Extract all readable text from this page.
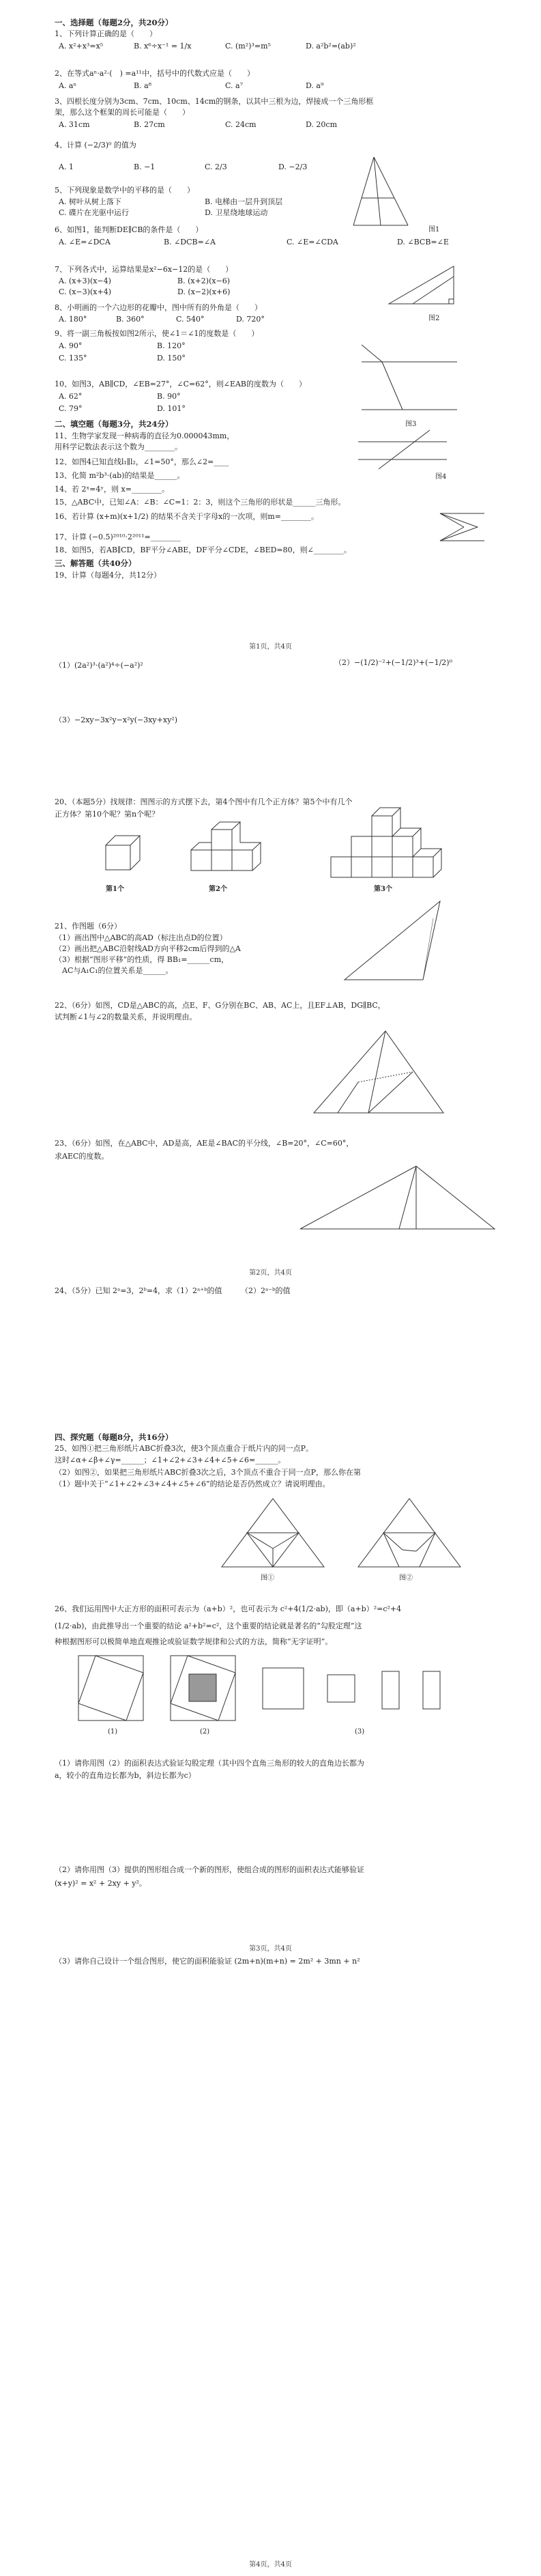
一、选择题（每题2分，共20分）
1、下列计算正确的是（　　）
A. x²+x³=x⁵	B. x⁶÷x⁻¹ = 1/x	C. (m²)³=m⁵	D. a²b²=(ab)²
2、在等式aⁿ·a²·(　) =a¹¹中，括号中的代数式应是（　　）
A. aⁿ	B. a⁸	C. a⁷	D. a⁹
3、四根长度分别为3cm、7cm、10cm、14cm的钢条，以其中三根为边，焊接成一个三角形框
架，那么这个框架的周长可能是（　　）
A. 31cm	B. 27cm	C. 24cm	D. 20cm
4、计算 (−2/3)⁰ 的值为
A. 1	B. −1	C. 2/3	D. −2/3
5、下列现象是数学中的平移的是（　　）
A. 树叶从树上落下	B. 电梯由一层升到顶层
C. 碟片在光驱中运行	D. 卫星绕地球运动
6、如图1，能判断DE∥CB的条件是（　　）	图1
A. ∠E=∠DCA	B. ∠DCB=∠A	C. ∠E=∠CDA	D. ∠BCB=∠E
7、下列各式中，运算结果是x²−6x−12的是（　　）
A. (x+3)(x−4)	B. (x+2)(x−6)
C. (x−3)(x+4)	D. (x−2)(x+6)
图2
8、小明画的一个六边形的花瓣中，图中所有的外角是（　　）
A. 180°	B. 360°	C. 540°	D. 720°
9、将一副三角板按如图2所示，使∠1＝∠1的度数是（　　）
A. 90°	B. 120°
C. 135°	D. 150°
图3
10、如图3，AB∥CD，∠EB=27°，∠C=62°，则∠EAB的度数为（　　）
A. 62°	B. 90°
C. 79°	D. 101°
二、填空题（每题3分，共24分）
11、生物学家发现一种病毒的直径为0.000043mm，
用科学记数法表示这个数为________。
图4
12、如图4已知直线l₁∥l₂，∠1=50°，那么∠2=____
13、化简 m²b³·(ab)的结果是______。
14、若 2ˣ=4ʸ，则 x=________。
15、△ABC中，已知∠A：∠B：∠C=1：2：3，则这个三角形的形状是______三角形。
16、若计算 (x+m)(x+1/2) 的结果不含关于字母x的一次项，则m=________。
17、计算 (−0.5)²⁰¹⁰·2²⁰¹¹=________
18、如图5，若AB∥CD，BF平分∠ABE，DF平分∠CDE，∠BED=80，则∠________。
三、解答题（共40分）
19、计算（每题4分，共12分）
第1页，共4页
（1）(2a²)³·(a²)⁴÷(−a²)²	（2）−(1/2)⁻²+(−1/2)³+(−1/2)⁰
（3）−2xy−3x²y−x²y(−3xy+xy²)
20、（本题5分）找规律：图图示的方式摆下去，第4个图中有几个正方体？第5个中有几个
正方体？第10个呢？第n个呢？
第1个	第2个	第3个
21、作图题（6分）
（1）画出图中△ABC的高AD（标注出点D的位置）
（2）画出把△ABC沿射线AD方向平移2cm后得到的△A
（3）根据“图形平移”的性质，得 BB₁=______cm，
　AC与A₁C₁的位置关系是______。
22、（6分）如图，CD是△ABC的高，点E、F、G分别在BC、AB、AC上，且EF⊥AB，DG∥BC，
试判断∠1与∠2的数量关系，并说明理由。
23、（6分）如图，在△ABC中，AD是高，AE是∠BAC的平分线，∠B=20°，∠C=60°，
求AEC的度数。
第2页，共4页
24、（5分）已知 2ᵃ=3，2ᵇ=4，求（1）2ᵃ⁺ᵇ的值　　　（2）2ᵃ⁻ᵇ的值
四、探究题（每题8分，共16分）
25、如图①把三角形纸片ABC折叠3次，使3个顶点重合于纸片内的同一点P。
这时∠α+∠β+∠γ=______；∠1+∠2+∠3+∠4+∠5+∠6=______。
（2）如图②，如果把三角形纸片ABC折叠3次之后，3个顶点不重合于同一点P，那么你在第
（1）题中关于“∠1+∠2+∠3+∠4+∠5+∠6”的结论是否仍然成立？请说明理由。
图①	图②
26、我们运用图中大正方形的面积可表示为（a+b）²，也可表示为 c²+4(1/2·ab)，即（a+b）²=c²+4
(1/2·ab)，由此推导出一个重要的结论 a²+b²=c²，这个重要的结论就是著名的“勾股定理”这
种根据图形可以极简单地直观推论或验证数学规律和公式的方法，简称“无字证明”。
(1)	(2)	(3)
（1）请你用图（2）的面积表达式验证勾股定理（其中四个直角三角形的较大的直角边长都为
a，较小的直角边长都为b，斜边长都为c）
（2）请你用图（3）提供的图形组合成一个新的图形，使组合成的图形的面积表达式能够验证
(x+y)² = x² + 2xy + y²。
第3页，共4页
（3）请你自己设计一个组合图形，使它的面积能验证 (2m+n)(m+n) = 2m² + 3mn + n²
第4页，共4页
